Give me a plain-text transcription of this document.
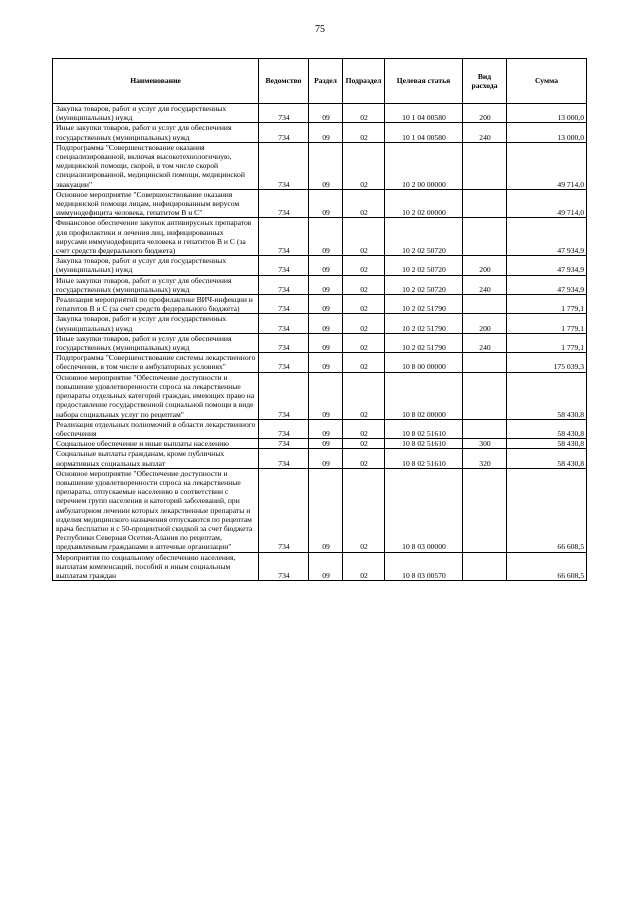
75
Наименование	Ведомство	Раздел	Подраздел	Целевая статья	Вид расхода	Сумма
Закупка товаров, работ и услуг для государственных (муниципальных) нужд	734	09	02	10 1 04 00580	200	13 000,0
Иные закупки товаров, работ и услуг для обеспечения государственных (муниципальных) нужд	734	09	02	10 1 04 00580	240	13 000,0
Подпрограмма "Совершенствование оказания специализированной, включая высокотехнологичную, медицинской помощи, скорой, в том числе скорой специализированной, медицинской помощи, медицинской эвакуации"	734	09	02	10 2 00 00000		49 714,0
Основное мероприятие "Совершенствование оказания медицинской помощи лицам, инфицированным вирусом иммунодефицита человека, гепатитом В и С"	734	09	02	10 2 02 00000		49 714,0
Финансовое обеспечение закупок антивирусных препаратов для профилактики и лечения лиц, инфицированных вирусами иммунодефицита человека и гепатитов В и С (за счет средств федерального бюджета)	734	09	02	10 2 02 50720		47 934,9
Закупка товаров, работ и услуг для государственных (муниципальных) нужд	734	09	02	10 2 02 50720	200	47 934,9
Иные закупки товаров, работ и услуг для обеспечения государственных (муниципальных) нужд	734	09	02	10 2 02 50720	240	47 934,9
Реализация мероприятий по профилактике ВИЧ-инфекции и гепатитов В и С (за счет средств федерального бюджета)	734	09	02	10 2 02 51790		1 779,1
Закупка товаров, работ и услуг для государственных (муниципальных) нужд	734	09	02	10 2 02 51790	200	1 779,1
Иные закупки товаров, работ и услуг для обеспечения государственных (муниципальных) нужд	734	09	02	10 2 02 51790	240	1 779,1
Подпрограмма "Совершенствование системы лекарственного обеспечения, в том числе в амбулаторных условиях"	734	09	02	10 8 00 00000		175 039,3
Основное мероприятие "Обеспечение доступности и повышение удовлетворенности спроса на лекарственные препараты отдельных категорий граждан, имеющих право на предоставление государственной социальной помощи в виде набора социальных услуг по рецептам"	734	09	02	10 8 02 00000		58 430,8
Реализация отдельных полномочий в области лекарственного обеспечения	734	09	02	10 8 02 51610		58 430,8
Социальное обеспечение и иные выплаты населению	734	09	02	10 8 02 51610	300	58 430,8
Социальные выплаты гражданам, кроме публичных нормативных социальных выплат	734	09	02	10 8 02 51610	320	58 430,8
Основное мероприятие "Обеспечение доступности и повышение удовлетворенности спроса на лекарственные препараты, отпускаемые населению в соответствии с перечнем групп населения и категорий заболеваний, при амбулаторном лечении которых лекарственные препараты и изделия медицинского назначения отпускаются по рецептам врача бесплатно и с 50-процентной скидкой за счет бюджета Республики Северная Осетия-Алания по рецептам, предъявленным гражданами в аптечные организации"	734	09	02	10 8 03 00000		66 608,5
Мероприятия по социальному обеспечению населения, выплатам компенсаций, пособий и иным социальным выплатам граждан	734	09	02	10 8 03 00570		66 608,5
